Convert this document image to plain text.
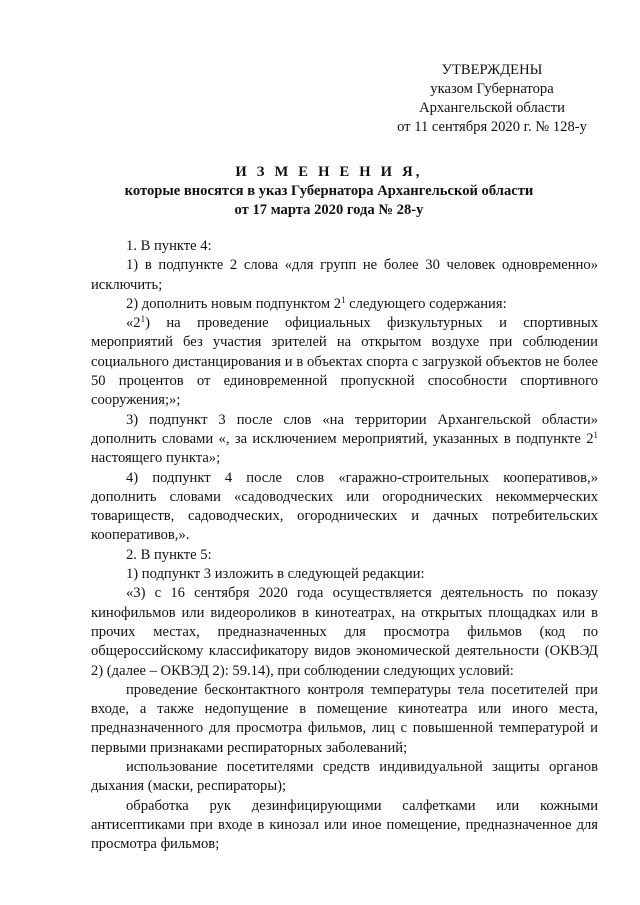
УТВЕРЖДЕНЫ
указом Губернатора
Архангельской области
от 11 сентября 2020 г. № 128-у
И З М Е Н Е Н И Я,
которые вносятся в указ Губернатора Архангельской области
от 17 марта 2020 года № 28-у

1. В пункте 4:

1) в подпункте 2 слова «для групп не более 30 человек одновременно» исключить;

2) дополнить новым подпунктом $2^1$ следующего содержания:

«$2^1$) на проведение официальных физкультурных и спортивных мероприятий без участия зрителей на открытом воздухе при соблюдении социального дистанцирования и в объектах спорта с загрузкой объектов не более 50 процентов от единовременной пропускной способности спортивного сооружения;»;

3) подпункт 3 после слов «на территории Архангельской области» дополнить словами «, за исключением мероприятий, указанных в подпункте $2^1$ настоящего пункта»;

4) подпункт 4 после слов «гаражно-строительных кооперативов,» дополнить словами «садоводческих или огороднических некоммерческих товариществ, садоводческих, огороднических и дачных потребительских кооперативов,».

2. В пункте 5:

1) подпункт 3 изложить в следующей редакции:

«3) с 16 сентября 2020 года осуществляется деятельность по показу кинофильмов или видеороликов в кинотеатрах, на открытых площадках или в прочих местах, предназначенных для просмотра фильмов (код по общероссийскому классификатору видов экономической деятельности (ОКВЭД 2) (далее – ОКВЭД 2): 59.14), при соблюдении следующих условий:

проведение бесконтактного контроля температуры тела посетителей при входе, а также недопущение в помещение кинотеатра или иного места, предназначенного для просмотра фильмов, лиц с повышенной температурой и первыми признаками респираторных заболеваний;

использование посетителями средств индивидуальной защиты органов дыхания (маски, респираторы);

обработка рук дезинфицирующими салфетками или кожными антисептиками при входе в кинозал или иное помещение, предназначенное для просмотра фильмов;
